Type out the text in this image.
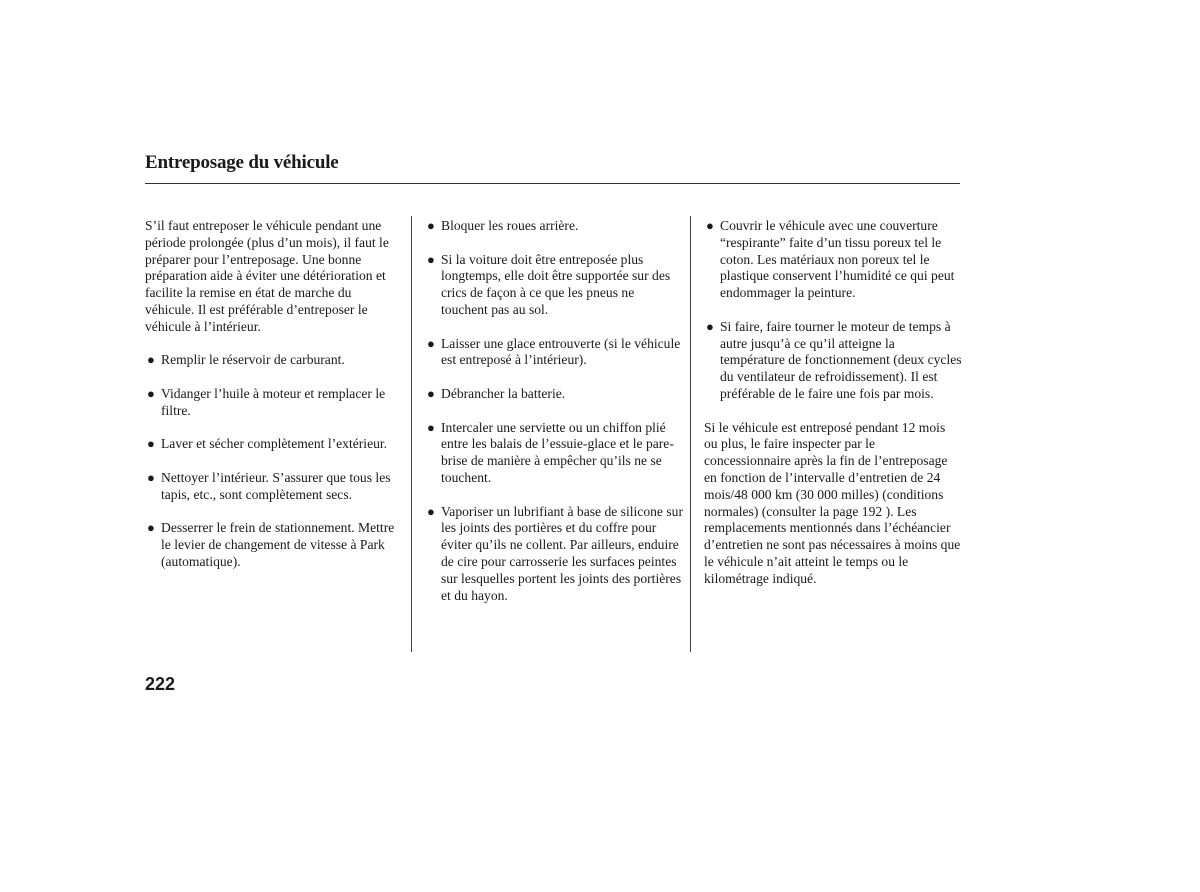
Entreposage du véhicule

S’il faut entreposer le véhicule pendant une période prolongée (plus d’un mois), il faut le préparer pour l’entreposage. Une bonne préparation aide à éviter une détérioration et facilite la remise en état de marche du véhicule. Il est préférable d’entreposer le véhicule à l’intérieur.

● Remplir le réservoir de carburant.
● Vidanger l’huile à moteur et remplacer le filtre.
● Laver et sécher complètement l’extérieur.
● Nettoyer l’intérieur. S’assurer que tous les tapis, etc., sont complètement secs.
● Desserrer le frein de stationnement. Mettre le levier de changement de vitesse à Park (automatique).
● Bloquer les roues arrière.
● Si la voiture doit être entreposée plus longtemps, elle doit être supportée sur des crics de façon à ce que les pneus ne touchent pas au sol.
● Laisser une glace entrouverte (si le véhicule est entreposé à l’intérieur).
● Débrancher la batterie.
● Intercaler une serviette ou un chiffon plié entre les balais de l’essuie-glace et le pare-brise de manière à empêcher qu’ils ne se touchent.
● Vaporiser un lubrifiant à base de silicone sur les joints des portières et du coffre pour éviter qu’ils ne collent. Par ailleurs, enduire de cire pour carrosserie les surfaces peintes sur lesquelles portent les joints des portières et du hayon.
● Couvrir le véhicule avec une couverture “respirante” faite d’un tissu poreux tel le coton. Les matériaux non poreux tel le plastique conservent l’humidité ce qui peut endommager la peinture.
● Si faire, faire tourner le moteur de temps à autre jusqu’à ce qu’il atteigne la température de fonctionnement (deux cycles du ventilateur de refroidissement). Il est préférable de le faire une fois par mois.

Si le véhicule est entreposé pendant 12 mois ou plus, le faire inspecter par le concessionnaire après la fin de l’entreposage en fonction de l’intervalle d’entretien de 24 mois/48 000 km (30 000 milles) (conditions normales) (consulter la page 192 ). Les remplacements mentionnés dans l’échéancier d’entretien ne sont pas nécessaires à moins que le véhicule n’ait atteint le temps ou le kilométrage indiqué.

222
